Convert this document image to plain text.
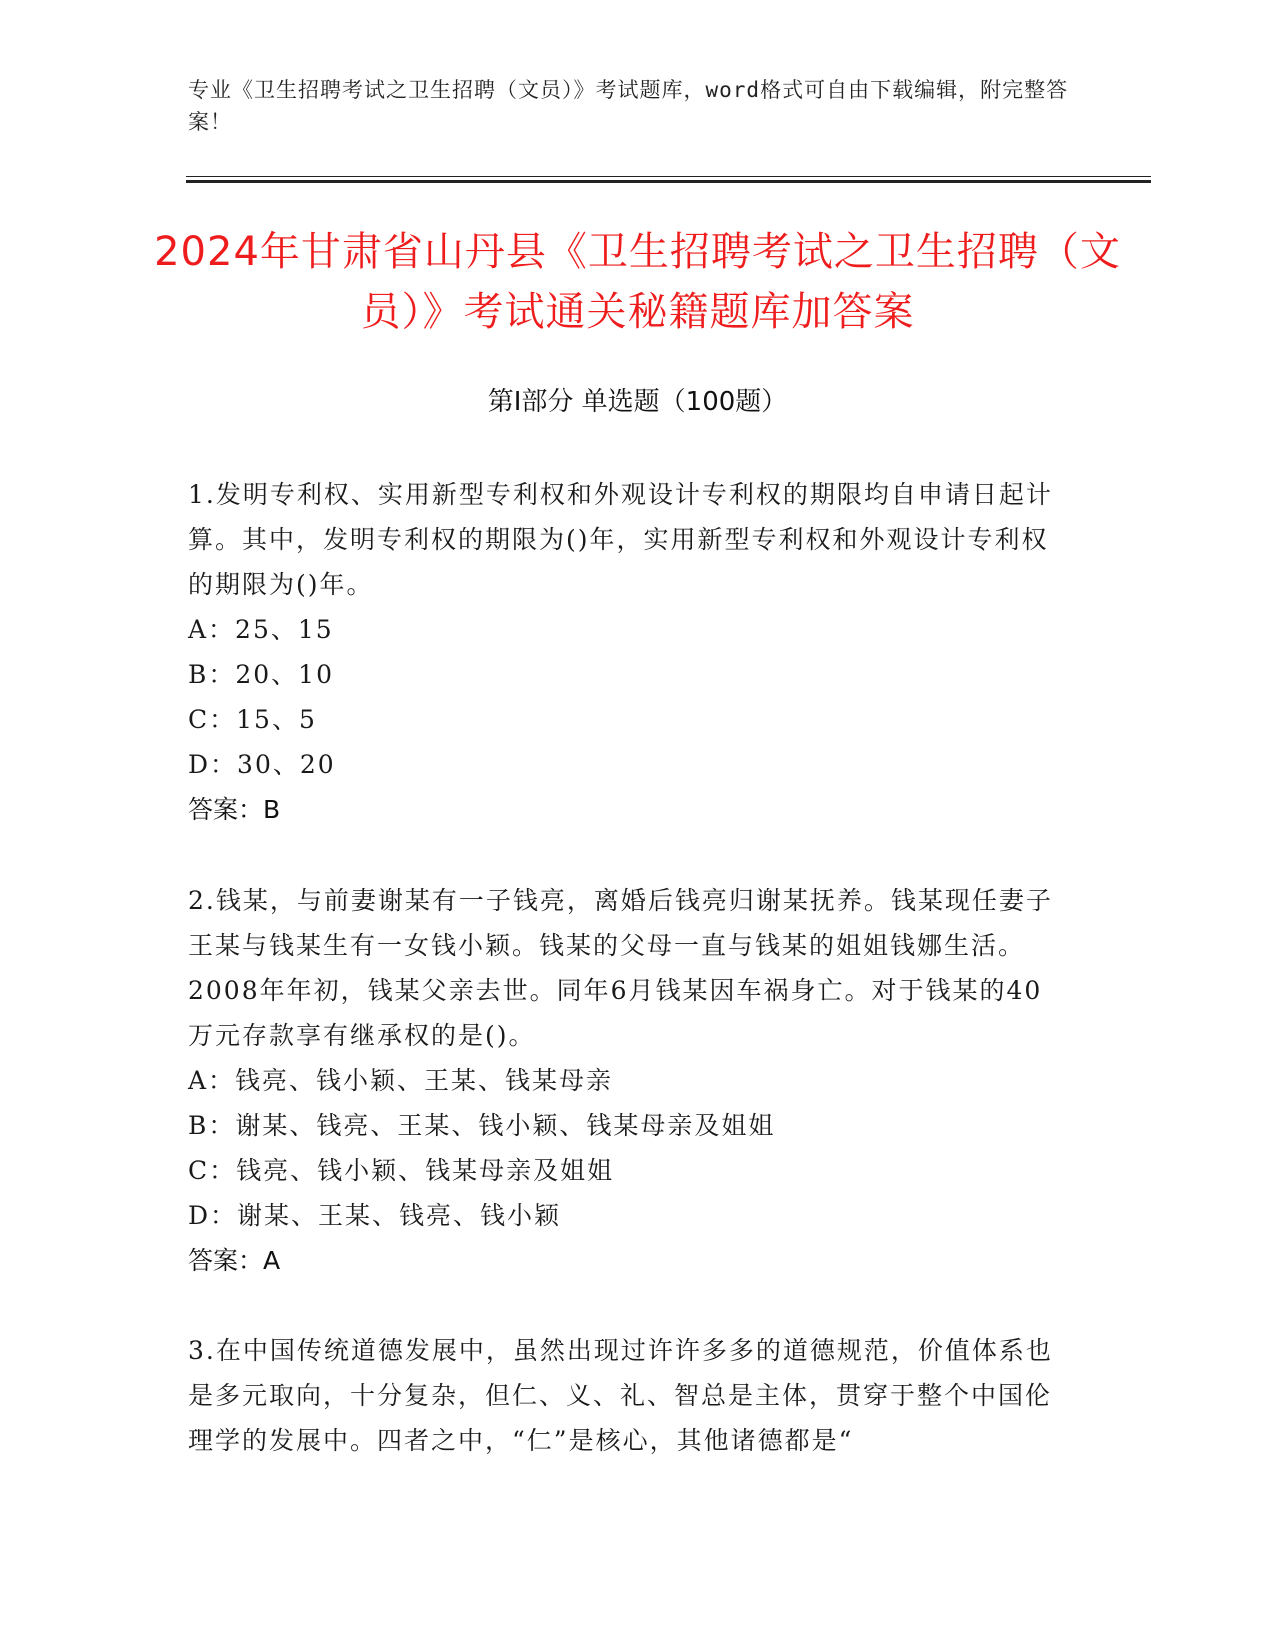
专业《卫生招聘考试之卫生招聘（文员）》考试题库，word格式可自由下载编辑，附完整答案！
2024年甘肃省山丹县《卫生招聘考试之卫生招聘（文员）》考试通关秘籍题库加答案
第Ⅰ部分 单选题（100题）
1.发明专利权、实用新型专利权和外观设计专利权的期限均自申请日起计算。其中，发明专利权的期限为()年，实用新型专利权和外观设计专利权的期限为()年。
A：25、15
B：20、10
C：15、5
D：30、20
答案：B
2.钱某，与前妻谢某有一子钱亮，离婚后钱亮归谢某抚养。钱某现任妻子王某与钱某生有一女钱小颖。钱某的父母一直与钱某的姐姐钱娜生活。2008年年初，钱某父亲去世。同年6月钱某因车祸身亡。对于钱某的40万元存款享有继承权的是()。
A：钱亮、钱小颖、王某、钱某母亲
B：谢某、钱亮、王某、钱小颖、钱某母亲及姐姐
C：钱亮、钱小颖、钱某母亲及姐姐
D：谢某、王某、钱亮、钱小颖
答案：A
3.在中国传统道德发展中，虽然出现过许许多多的道德规范，价值体系也是多元取向，十分复杂，但仁、义、礼、智总是主体，贯穿于整个中国伦理学的发展中。四者之中，“仁”是核心，其他诸德都是“
